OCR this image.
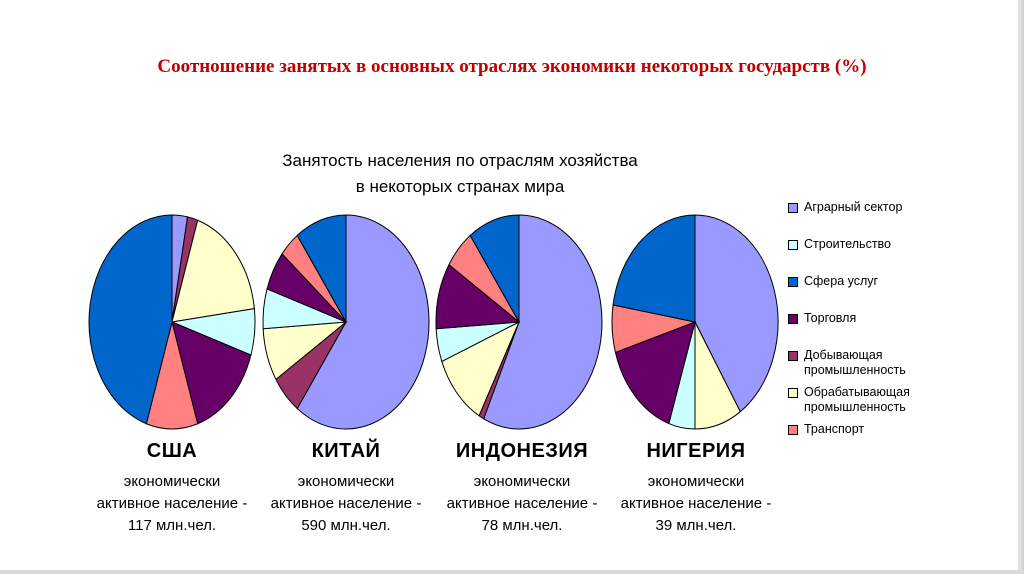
Соотношение занятых в основных отраслях экономики некоторых государств (%)
Занятость населения по отраслям хозяйства
в некоторых странах мира
Аграрный сектор
Строительство
Сфера услуг
Торговля
Добывающая
промышленность
Обрабатывающая
промышленность
Транспорт
США
экономически
активное население -
117 млн.чел.
КИТАЙ
экономически
активное население -
590 млн.чел.
ИНДОНЕЗИЯ
экономически
активное население -
78 млн.чел.
НИГЕРИЯ
экономически
активное население -
39 млн.чел.
